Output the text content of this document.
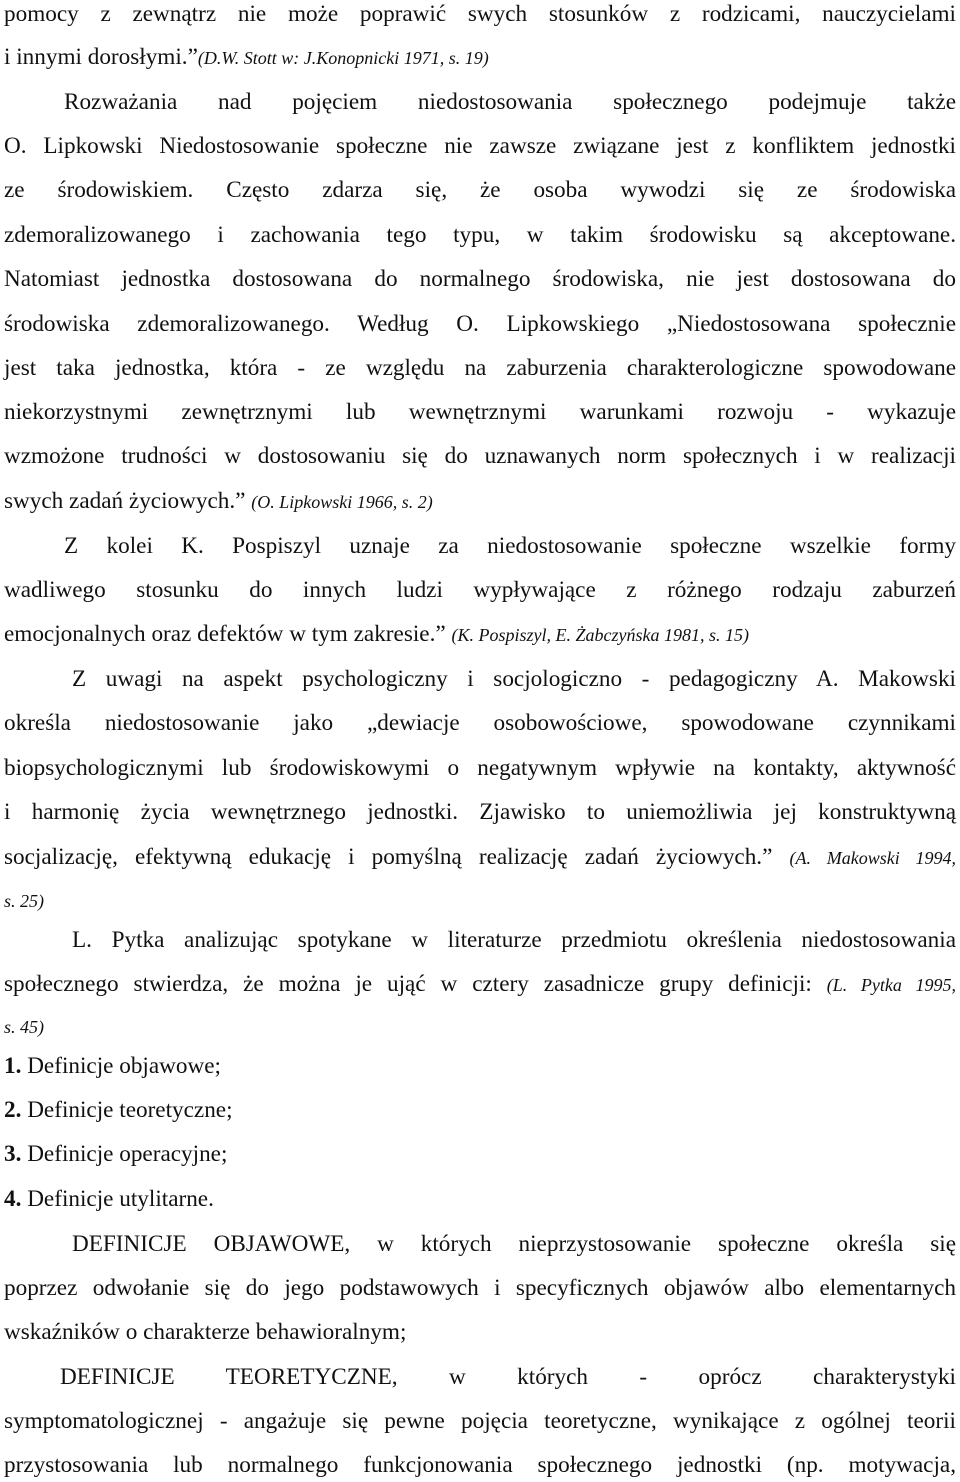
pomocy z zewnątrz nie może poprawić swych stosunków z rodzicami, nauczycielami
i innymi dorosłymi.”(D.W. Stott w: J.Konopnicki 1971, s. 19)
Rozważania nad pojęciem niedostosowania społecznego podejmuje także
O. Lipkowski Niedostosowanie społeczne nie zawsze związane jest z konfliktem jednostki
ze środowiskiem. Często zdarza się, że osoba wywodzi się ze środowiska
zdemoralizowanego i zachowania tego typu, w takim środowisku są akceptowane.
Natomiast jednostka dostosowana do normalnego środowiska, nie jest dostosowana do
środowiska zdemoralizowanego. Według O. Lipkowskiego „Niedostosowana społecznie
jest taka jednostka, która - ze względu na zaburzenia charakterologiczne spowodowane
niekorzystnymi zewnętrznymi lub wewnętrznymi warunkami rozwoju - wykazuje
wzmożone trudności w dostosowaniu się do uznawanych norm społecznych i w realizacji
swych zadań życiowych.” (O. Lipkowski 1966, s. 2)
Z kolei K. Pospiszyl uznaje za niedostosowanie społeczne wszelkie formy
wadliwego stosunku do innych ludzi wypływające z różnego rodzaju zaburzeń
emocjonalnych oraz defektów w tym zakresie.” (K. Pospiszyl, E. Żabczyńska 1981, s. 15)
Z uwagi na aspekt psychologiczny i socjologiczno - pedagogiczny A. Makowski
określa niedostosowanie jako „dewiacje osobowościowe, spowodowane czynnikami
biopsychologicznymi lub środowiskowymi o negatywnym wpływie na kontakty, aktywność
i harmonię życia wewnętrznego jednostki. Zjawisko to uniemożliwia jej konstruktywną
socjalizację, efektywną edukację i pomyślną realizację zadań życiowych.” (A. Makowski 1994,
s. 25)
L. Pytka analizując spotykane w literaturze przedmiotu określenia niedostosowania
społecznego stwierdza, że można je ująć w cztery zasadnicze grupy definicji: (L. Pytka 1995,
s. 45)
1. Definicje objawowe;
2. Definicje teoretyczne;
3. Definicje operacyjne;
4. Definicje utylitarne.
DEFINICJE OBJAWOWE, w których nieprzystosowanie społeczne określa się
poprzez odwołanie się do jego podstawowych i specyficznych objawów albo elementarnych
wskaźników o charakterze behawioralnym;
DEFINICJE TEORETYCZNE, w których - oprócz charakterystyki
symptomatologicznej - angażuje się pewne pojęcia teoretyczne, wynikające z ogólnej teorii
przystosowania lub normalnego funkcjonowania społecznego jednostki (np. motywacja,
